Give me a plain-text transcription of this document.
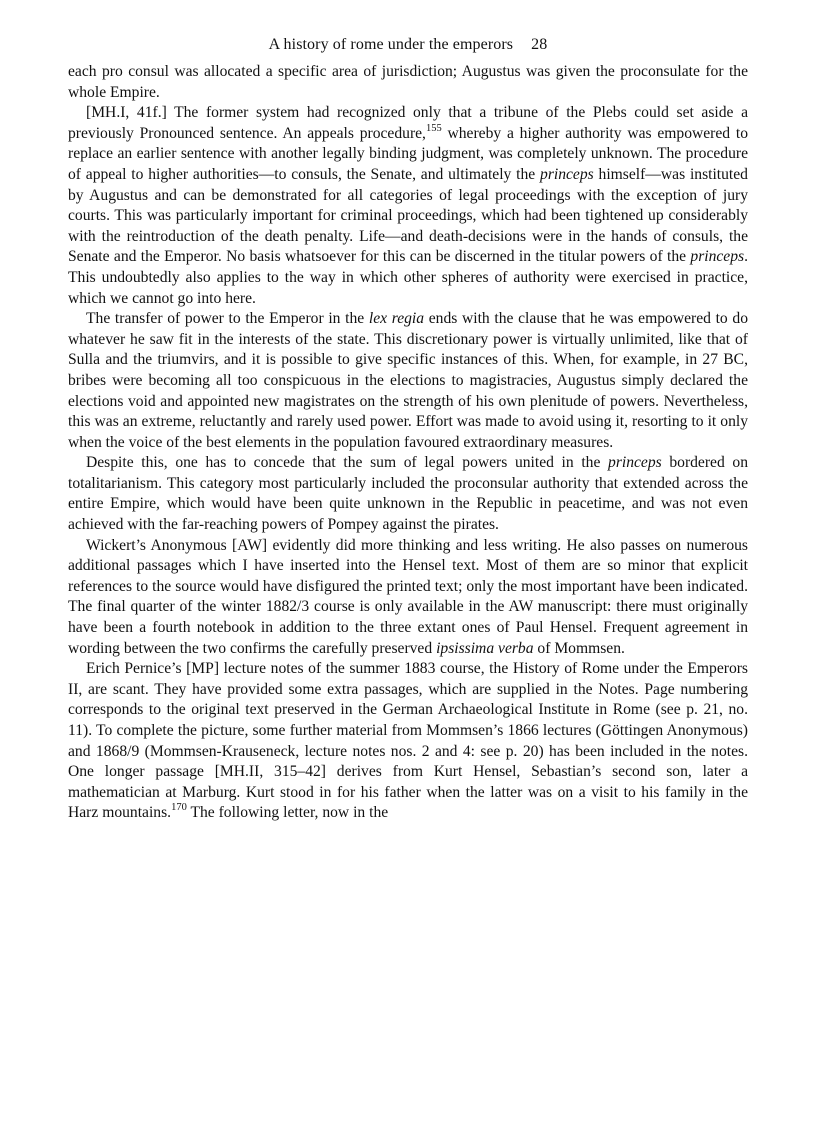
A history of rome under the emperors 28

each pro consul was allocated a specific area of jurisdiction; Augustus was given the proconsulate for the whole Empire.

[MH.I, 41f.] The former system had recognized only that a tribune of the Plebs could set aside a previously Pronounced sentence. An appeals procedure,$^{155}$ whereby a higher authority was empowered to replace an earlier sentence with another legally binding judgment, was completely unknown. The procedure of appeal to higher authorities—to consuls, the Senate, and ultimately the princeps himself—was instituted by Augustus and can be demonstrated for all categories of legal proceedings with the exception of jury courts. This was particularly important for criminal proceedings, which had been tightened up considerably with the reintroduction of the death penalty. Life—and death-decisions were in the hands of consuls, the Senate and the Emperor. No basis whatsoever for this can be discerned in the titular powers of the princeps. This undoubtedly also applies to the way in which other spheres of authority were exercised in practice, which we cannot go into here.

The transfer of power to the Emperor in the lex regia ends with the clause that he was empowered to do whatever he saw fit in the interests of the state. This discretionary power is virtually unlimited, like that of Sulla and the triumvirs, and it is possible to give specific instances of this. When, for example, in 27 BC, bribes were becoming all too conspicuous in the elections to magistracies, Augustus simply declared the elections void and appointed new magistrates on the strength of his own plenitude of powers. Nevertheless, this was an extreme, reluctantly and rarely used power. Effort was made to avoid using it, resorting to it only when the voice of the best elements in the population favoured extraordinary measures.

Despite this, one has to concede that the sum of legal powers united in the princeps bordered on totalitarianism. This category most particularly included the proconsular authority that extended across the entire Empire, which would have been quite unknown in the Republic in peacetime, and was not even achieved with the far-reaching powers of Pompey against the pirates.

Wickert’s Anonymous [AW] evidently did more thinking and less writing. He also passes on numerous additional passages which I have inserted into the Hensel text. Most of them are so minor that explicit references to the source would have disfigured the printed text; only the most important have been indicated. The final quarter of the winter 1882/3 course is only available in the AW manuscript: there must originally have been a fourth notebook in addition to the three extant ones of Paul Hensel. Frequent agreement in wording between the two confirms the carefully preserved ipsissima verba of Mommsen.

Erich Pernice’s [MP] lecture notes of the summer 1883 course, the History of Rome under the Emperors II, are scant. They have provided some extra passages, which are supplied in the Notes. Page numbering corresponds to the original text preserved in the German Archaeological Institute in Rome (see p. 21, no. 11). To complete the picture, some further material from Mommsen’s 1866 lectures (Göttingen Anonymous) and 1868/9 (Mommsen-Krauseneck, lecture notes nos. 2 and 4: see p. 20) has been included in the notes. One longer passage [MH.II, 315–42] derives from Kurt Hensel, Sebastian’s second son, later a mathematician at Marburg. Kurt stood in for his father when the latter was on a visit to his family in the Harz mountains.$^{170}$ The following letter, now in the
